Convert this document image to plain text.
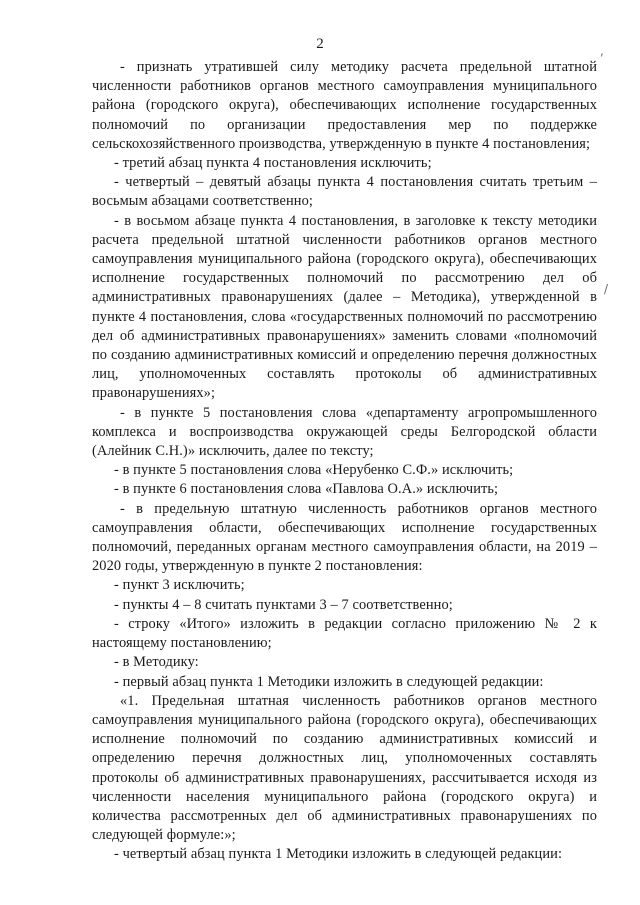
2

- признать утратившей силу методику расчета предельной штатной численности работников органов местного самоуправления муниципального района (городского округа), обеспечивающих исполнение государственных полномочий по организации предоставления мер по поддержке сельскохозяйственного производства, утвержденную в пункте 4 постановления;

- третий абзац пункта 4 постановления исключить;

- четвертый – девятый абзацы пункта 4 постановления считать третьим – восьмым абзацами соответственно;

- в восьмом абзаце пункта 4 постановления, в заголовке к тексту методики расчета предельной штатной численности работников органов местного самоуправления муниципального района (городского округа), обеспечивающих исполнение государственных полномочий по рассмотрению дел об административных правонарушениях (далее – Методика), утвержденной в пункте 4 постановления, слова «государственных полномочий по рассмотрению дел об административных правонарушениях» заменить словами «полномочий по созданию административных комиссий и определению перечня должностных лиц, уполномоченных составлять протоколы об административных правонарушениях»;

- в пункте 5 постановления слова «департаменту агропромышленного комплекса и воспроизводства окружающей среды Белгородской области (Алейник С.Н.)» исключить, далее по тексту;

- в пункте 5 постановления слова «Нерубенко С.Ф.» исключить;

- в пункте 6 постановления слова «Павлова О.А.» исключить;

- в предельную штатную численность работников органов местного самоуправления области, обеспечивающих исполнение государственных полномочий, переданных органам местного самоуправления области, на 2019 – 2020 годы, утвержденную в пункте 2 постановления:

- пункт 3 исключить;

- пункты 4 – 8 считать пунктами 3 – 7 соответственно;

- строку «Итого» изложить в редакции согласно приложению № 2 к настоящему постановлению;

- в Методику:

- первый абзац пункта 1 Методики изложить в следующей редакции:

«1. Предельная штатная численность работников органов местного самоуправления муниципального района (городского округа), обеспечивающих исполнение полномочий по созданию административных комиссий и определению перечня должностных лиц, уполномоченных составлять протоколы об административных правонарушениях, рассчитывается исходя из численности населения муниципального района (городского округа) и количества рассмотренных дел об административных правонарушениях по следующей формуле:»;

- четвертый абзац пункта 1 Методики изложить в следующей редакции:

,
/
